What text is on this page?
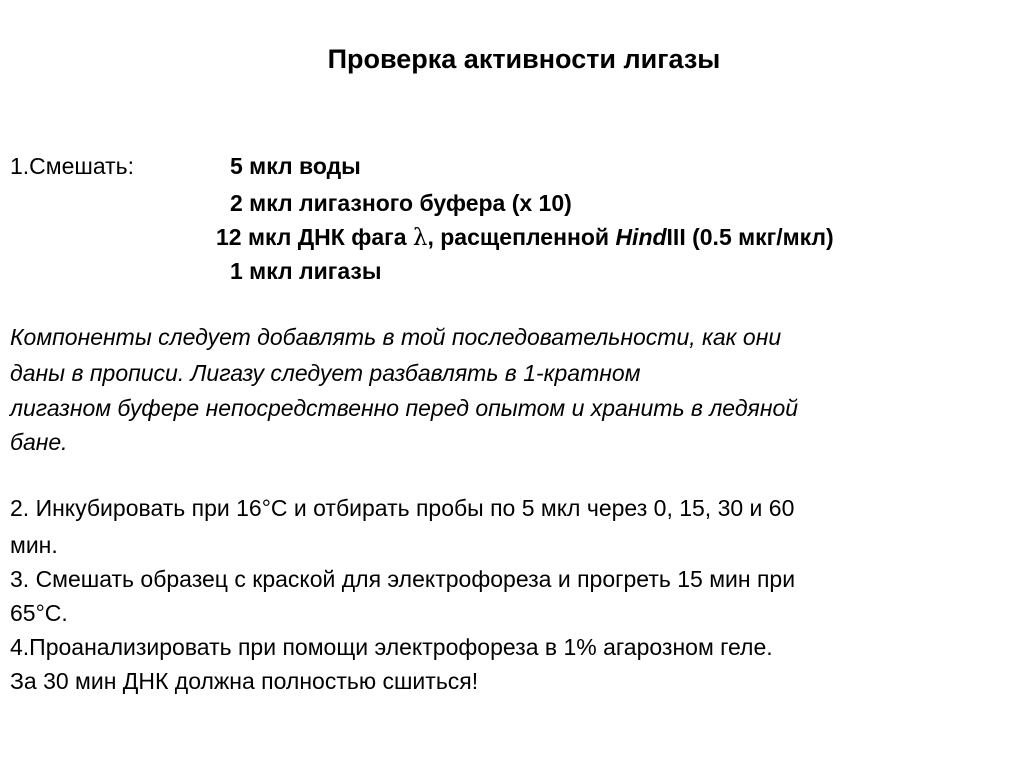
Проверка активности лигазы
1.Смешать:	5 мкл воды
2 мкл лигазного буфера (х 10)
12 мкл ДНК фага λ, расщепленной HindIII (0.5 мкг/мкл)
1 мкл лигазы
Компоненты следует добавлять в той последовательности, как они
даны в прописи. Лигазу следует разбавлять в 1-кратном
лигазном буфере непосредственно перед опытом и хранить в ледяной
бане.
2. Инкубировать при 16°С и отбирать пробы по 5 мкл через 0, 15, 30 и 60
мин.
3. Смешать образец с краской для электрофореза и прогреть 15 мин при
65°С.
4.Проанализировать при помощи электрофореза в 1% агарозном геле.
За 30 мин ДНК должна полностью сшиться!
